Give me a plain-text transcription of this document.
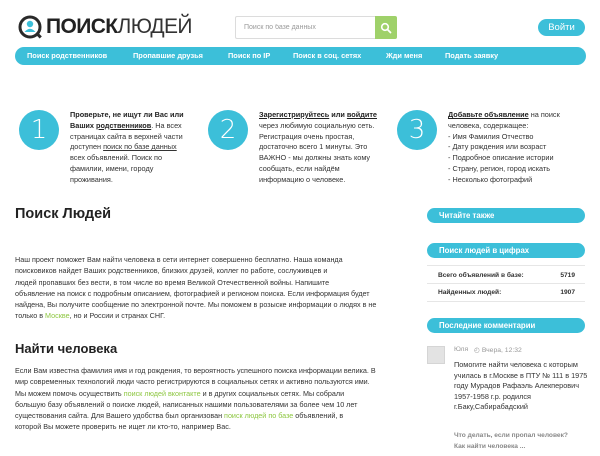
ПОИСКЛЮДЕЙ
Поиск по базе данных	Войти
Поиск родственников	Пропавшие друзья	Поиск по IP	Поиск в соц. сетях	Жди меня	Подать заявку
1
Проверьте, не ищут ли Вас или
Ваших родственников. На всех
страницах сайта в верхней части
доступен поиск по базе данных
всех объявлений. Поиск по
фамилии, имени, городу
проживания.
2
Зарегистрируйтесь или войдите
через любимую социальную сеть.
Регистрация очень простая,
достаточно всего 1 минуты. Это
ВАЖНО - мы должны знать кому
сообщать, если найдём
информацию о человеке.
3
Добавьте объявление на поиск
человека, содержащее:
- Имя Фамилия Отчество
- Дату рождения или возраст
- Подробное описание истории
- Страну, регион, город искать
- Несколько фотографий
Поиск Людей
Наш проект поможет Вам найти человека в сети интернет совершенно бесплатно. Наша команда
поисковиков найдет Ваших родственников, близких друзей, коллег по работе, сослуживцев и
людей пропавших без вести, в том числе во время Великой Отечественной войны. Напишите
объявление на поиск с подробным описанием, фотографией и регионом поиска. Если информация будет
найдена, Вы получите сообщение по электронной почте. Мы поможем в розыске информации о людях в не
только в Москве, но и России и странах СНГ.
Найти человека
Если Вам известна фамилия имя и год рождения, то вероятность успешного поиска информации велика. В
мир современных технологий люди часто регистрируются в социальных сетях и активно пользуются ими.
Мы можем помочь осуществить поиск людей вконтакте и в других социальных сетях. Мы собрали
большую базу объявлений о поиске людей, написанных нашими пользователями за более чем 10 лет
существования сайта. Для Вашего удобства был организован поиск людей по базе объявлений, в
которой Вы можете проверить не ищет ли кто-то, например Вас.
Читайте также
Поиск людей в цифрах
Всего объявлений в базе:	5719
Найденных людей:	1907
Последние комментарии
Юля ◴ Вчера, 12:32
Помогите найти человека с которым училась в г.Москве в ПТУ № 111 в 1975 году Мурадов Рафаэль Алекперович 1957-1958 г.р. родился г.Баку,Сабирабадский
Что делать, если пропал человек?
Как найти человека ...
